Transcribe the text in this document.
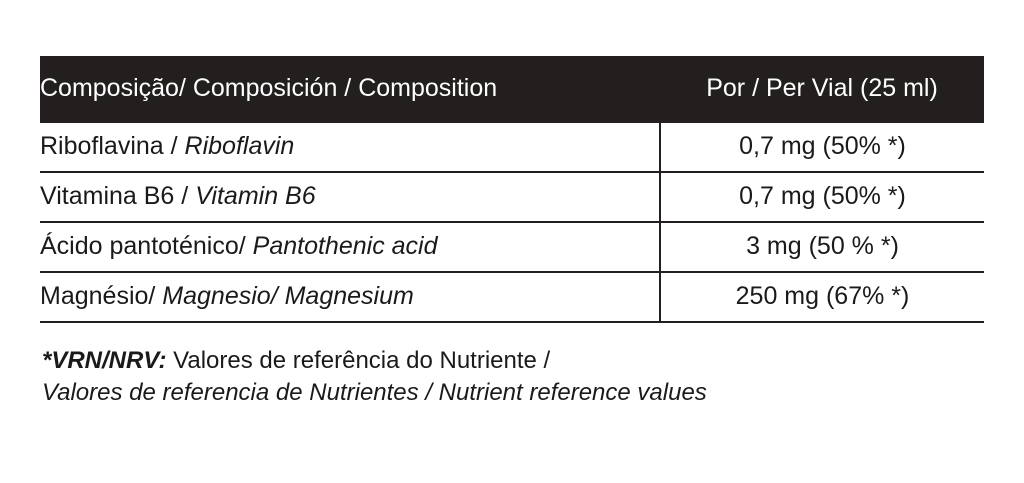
Composição/ Composición / Composition	Por / Per Vial (25 ml)
Riboflavina / Riboflavin	0,7 mg (50% *)
Vitamina B6 / Vitamin B6	0,7 mg (50% *)
Ácido pantoténico/ Pantothenic acid	3 mg (50 % *)
Magnésio/ Magnesio/ Magnesium	250 mg (67% *)
*VRN/NRV: Valores de referência do Nutriente /
Valores de referencia de Nutrientes / Nutrient reference values
